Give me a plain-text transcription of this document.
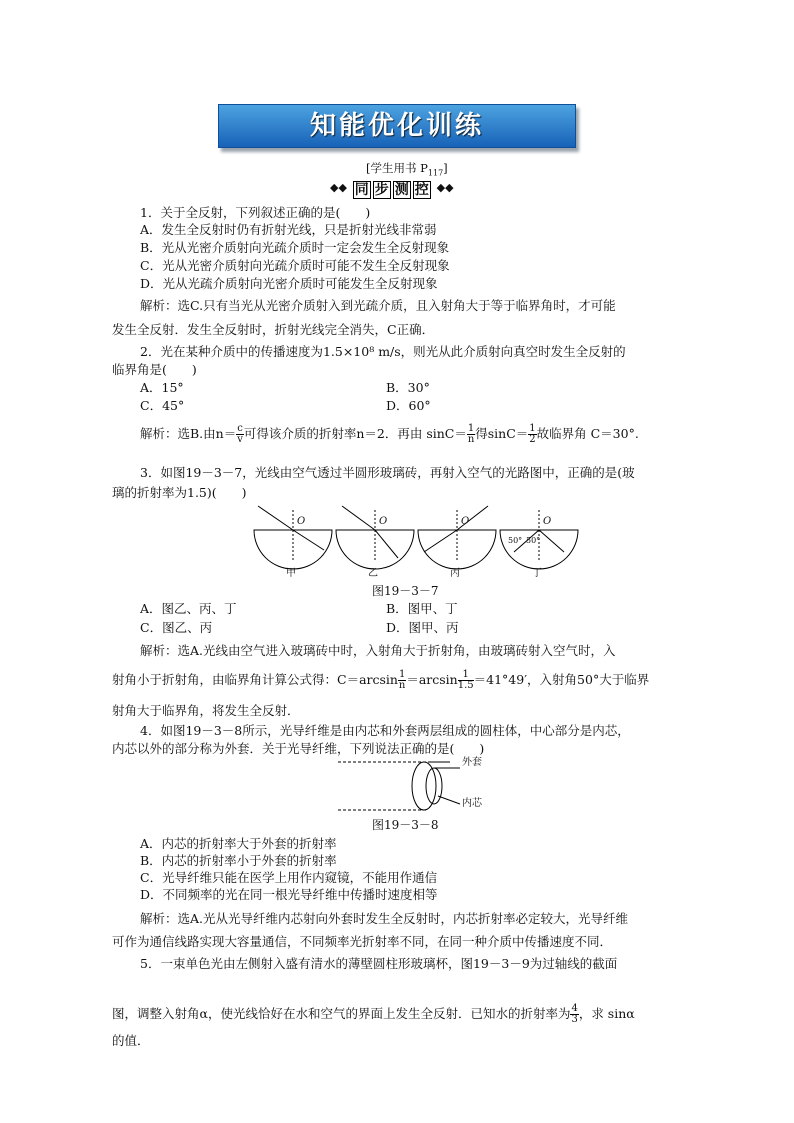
知能优化训练
[学生用书 $P_{117}$]
◆◆ 同 步 测 控 ◆◆
1．关于全反射，下列叙述正确的是(　　)
A．发生全反射时仍有折射光线，只是折射光线非常弱
B．光从光密介质射向光疏介质时一定会发生全反射现象
C．光从光密介质射向光疏介质时可能不发生全反射现象
D．光从光疏介质射向光密介质时可能发生全反射现象
解析：选C.只有当光从光密介质射入到光疏介质，且入射角大于等于临界角时，才可能
发生全反射．发生全反射时，折射光线完全消失，C正确．
2．光在某种介质中的传播速度为1.5×10⁸ m/s，则光从此介质射向真空时发生全反射的
临界角是(　　)
A．15°	B．30°
C．45°	D．60°
3．如图19－3－7，光线由空气透过半圆形玻璃砖，再射入空气的光路图中，正确的是(玻
璃的折射率为1.5)(　　)
A．图乙、丙、丁	B．图甲、丁
C．图乙、丙	D．图甲、丙
解析：选A.光线由空气进入玻璃砖中时，入射角大于折射角，由玻璃砖射入空气时，入
射角大于临界角，将发生全反射．
4．如图19－3－8所示，光导纤维是由内芯和外套两层组成的圆柱体，中心部分是内芯，
内芯以外的部分称为外套．关于光导纤维，下列说法正确的是(　　)
A．内芯的折射率大于外套的折射率
B．内芯的折射率小于外套的折射率
C．光导纤维只能在医学上用作内窥镜，不能用作通信
D．不同频率的光在同一根光导纤维中传播时速度相等
解析：选A.光从光导纤维内芯射向外套时发生全反射时，内芯折射率必定较大，光导纤维
可作为通信线路实现大容量通信，不同频率光折射率不同，在同一种介质中传播速度不同．
5．一束单色光由左侧射入盛有清水的薄壁圆柱形玻璃杯，图19－3－9为过轴线的截面
的值．
解析：选B.由$n= \frac{c}{v}$ 可得该介质的折射率n＝2．再由 $\sin C= \frac{1}{n}$ 得$\sin C= \frac{1}{2}$ 故临界角 C＝30°.
射角小于折射角，由临界角计算公式得：$C=\arcsin \frac{1}{n} =\arcsin \frac{1}{1.5} =41^\circ 49'$，入射角50°大于临界
图，调整入射角α，使光线恰好在水和空气的界面上发生全反射．已知水的折射率为 $\frac{4}{3}$ ，求 sinα
O	O	O	O
50° 50°
甲	乙	丙	丁
图19－3－7
外套
内芯
图19－3－8
